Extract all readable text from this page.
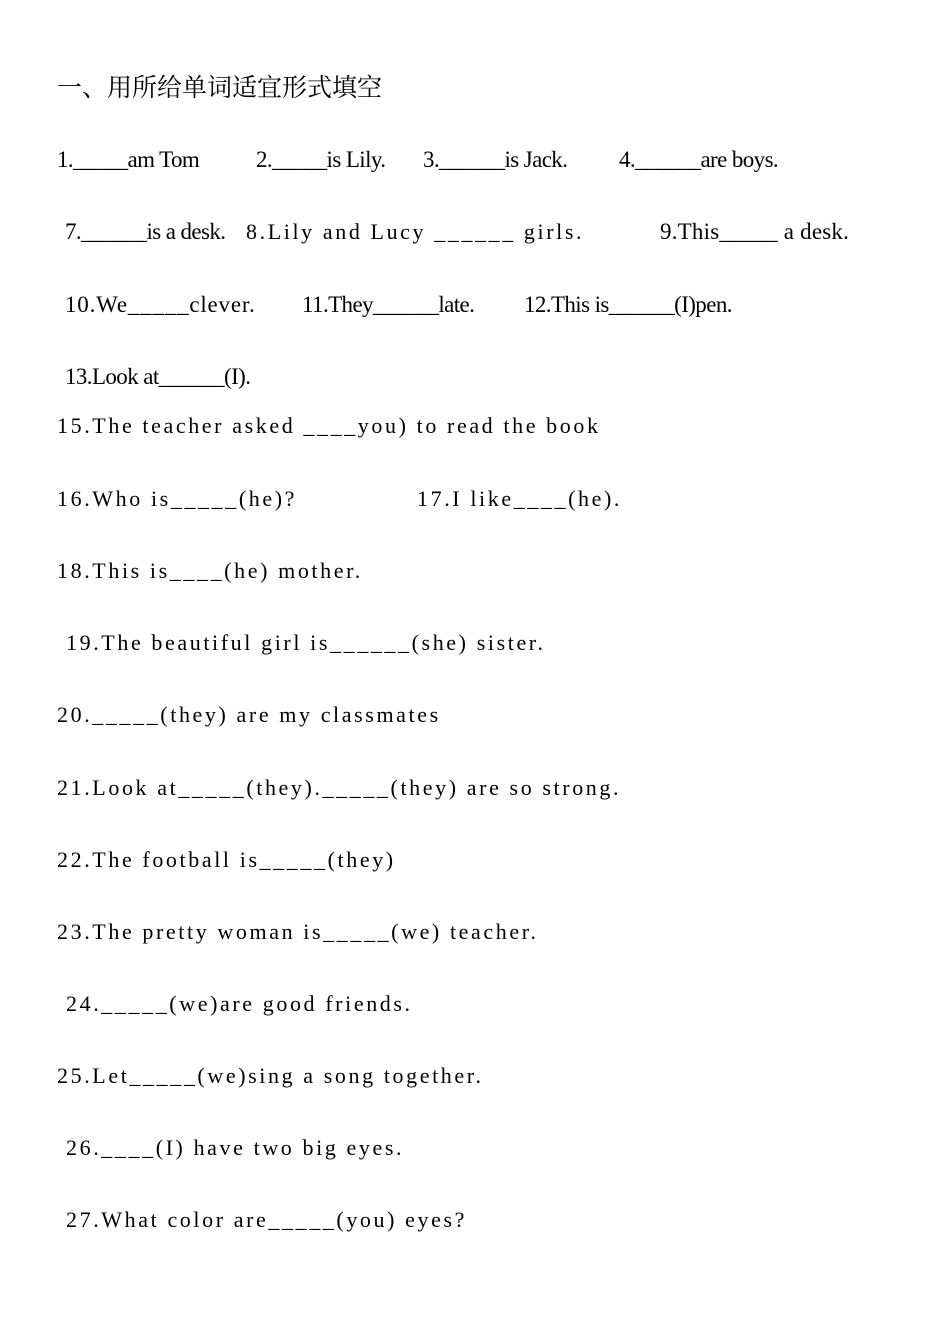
一、用所给单词适宜形式填空
1._____am Tom 2._____is Lily. 3.______is Jack. 4.______are boys.
7.______is a desk. 8.Lily and Lucy ______ girls.	9.This_____ a desk.
10.We_____clever. 11.They______late. 12.This is______(I)pen.
13.Look at______(I).
15.The teacher asked ____you) to read the book
16.Who is_____(he)?	17.I like____(he).
18.This is____(he) mother.
19.The beautiful girl is______(she) sister.
20._____(they) are my classmates
21.Look at_____(they)._____(they) are so strong.
22.The football is_____(they)
23.The pretty woman is_____(we) teacher.
24._____(we)are good friends.
25.Let_____(we)sing a song together.
26.____(I) have two big eyes.
27.What color are_____(you) eyes?
